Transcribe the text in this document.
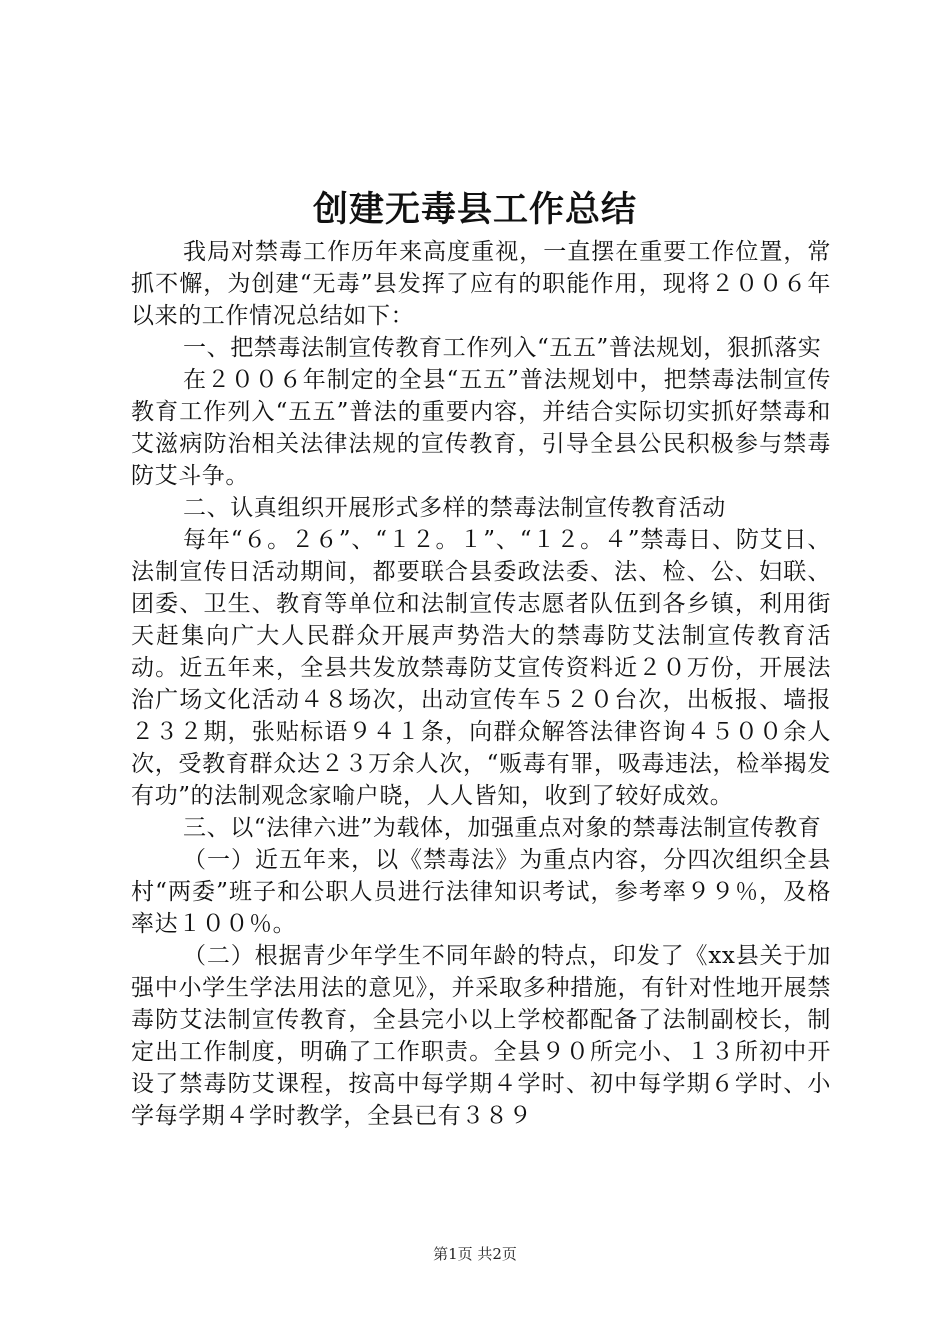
创建无毒县工作总结

我局对禁毒工作历年来高度重视，一直摆在重要工作位置，常抓不懈，为创建“无毒”县发挥了应有的职能作用，现将２００６年以来的工作情况总结如下：

一、把禁毒法制宣传教育工作列入“五五”普法规划，狠抓落实

在２００６年制定的全县“五五”普法规划中，把禁毒法制宣传教育工作列入“五五”普法的重要内容，并结合实际切实抓好禁毒和艾滋病防治相关法律法规的宣传教育，引导全县公民积极参与禁毒防艾斗争。

二、认真组织开展形式多样的禁毒法制宣传教育活动

每年“６。２６”、“１２。１”、“１２。４”禁毒日、防艾日、法制宣传日活动期间，都要联合县委政法委、法、检、公、妇联、团委、卫生、教育等单位和法制宣传志愿者队伍到各乡镇，利用街天赶集向广大人民群众开展声势浩大的禁毒防艾法制宣传教育活动。近五年来，全县共发放禁毒防艾宣传资料近２０万份，开展法治广场文化活动４８场次，出动宣传车５２０台次，出板报、墙报２３２期，张贴标语９４１条，向群众解答法律咨询４５００余人次，受教育群众达２３万余人次，“贩毒有罪，吸毒违法，检举揭发有功”的法制观念家喻户晓，人人皆知，收到了较好成效。

三、以“法律六进”为载体，加强重点对象的禁毒法制宣传教育

（一）近五年来，以《禁毒法》为重点内容，分四次组织全县村“两委”班子和公职人员进行法律知识考试，参考率９９％，及格率达１００％。

（二）根据青少年学生不同年龄的特点，印发了《xx县关于加强中小学生学法用法的意见》，并采取多种措施，有针对性地开展禁毒防艾法制宣传教育，全县完小以上学校都配备了法制副校长，制定出工作制度，明确了工作职责。全县９０所完小、１３所初中开设了禁毒防艾课程，按高中每学期４学时、初中每学期６学时、小学每学期４学时教学，全县已有３８９

第1页 共2页
